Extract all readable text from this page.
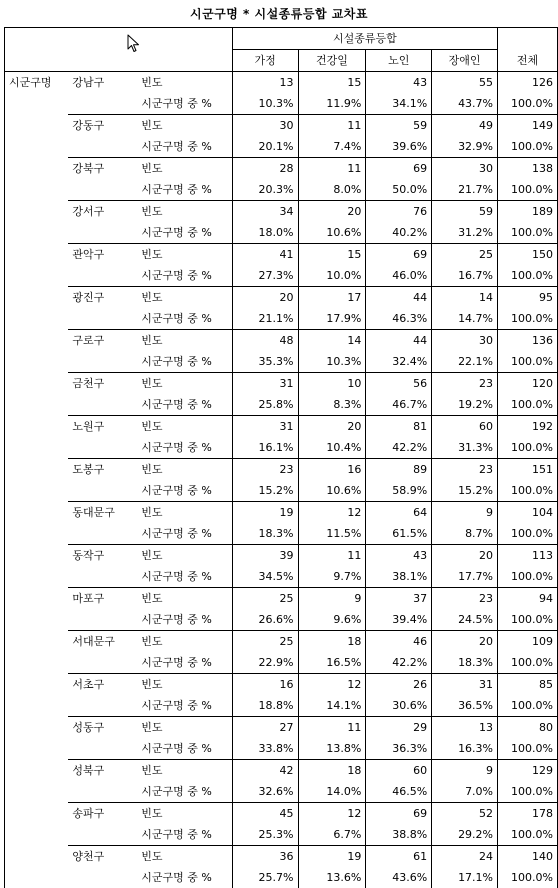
시군구명 * 시설종류등합 교차표
			시설종류등합				
			가정	건강일	노인	장애인	전체
시군구명	강남구	빈도	13	15	43	55	126
		시군구명 중 %	10.3%	11.9%	34.1%	43.7%	100.0%
	강동구	빈도	30	11	59	49	149
		시군구명 중 %	20.1%	7.4%	39.6%	32.9%	100.0%
	강북구	빈도	28	11	69	30	138
		시군구명 중 %	20.3%	8.0%	50.0%	21.7%	100.0%
	강서구	빈도	34	20	76	59	189
		시군구명 중 %	18.0%	10.6%	40.2%	31.2%	100.0%
	관악구	빈도	41	15	69	25	150
		시군구명 중 %	27.3%	10.0%	46.0%	16.7%	100.0%
	광진구	빈도	20	17	44	14	95
		시군구명 중 %	21.1%	17.9%	46.3%	14.7%	100.0%
	구로구	빈도	48	14	44	30	136
		시군구명 중 %	35.3%	10.3%	32.4%	22.1%	100.0%
	금천구	빈도	31	10	56	23	120
		시군구명 중 %	25.8%	8.3%	46.7%	19.2%	100.0%
	노원구	빈도	31	20	81	60	192
		시군구명 중 %	16.1%	10.4%	42.2%	31.3%	100.0%
	도봉구	빈도	23	16	89	23	151
		시군구명 중 %	15.2%	10.6%	58.9%	15.2%	100.0%
	동대문구	빈도	19	12	64	9	104
		시군구명 중 %	18.3%	11.5%	61.5%	8.7%	100.0%
	동작구	빈도	39	11	43	20	113
		시군구명 중 %	34.5%	9.7%	38.1%	17.7%	100.0%
	마포구	빈도	25	9	37	23	94
		시군구명 중 %	26.6%	9.6%	39.4%	24.5%	100.0%
	서대문구	빈도	25	18	46	20	109
		시군구명 중 %	22.9%	16.5%	42.2%	18.3%	100.0%
	서초구	빈도	16	12	26	31	85
		시군구명 중 %	18.8%	14.1%	30.6%	36.5%	100.0%
	성동구	빈도	27	11	29	13	80
		시군구명 중 %	33.8%	13.8%	36.3%	16.3%	100.0%
	성북구	빈도	42	18	60	9	129
		시군구명 중 %	32.6%	14.0%	46.5%	7.0%	100.0%
	송파구	빈도	45	12	69	52	178
		시군구명 중 %	25.3%	6.7%	38.8%	29.2%	100.0%
	양천구	빈도	36	19	61	24	140
		시군구명 중 %	25.7%	13.6%	43.6%	17.1%	100.0%
